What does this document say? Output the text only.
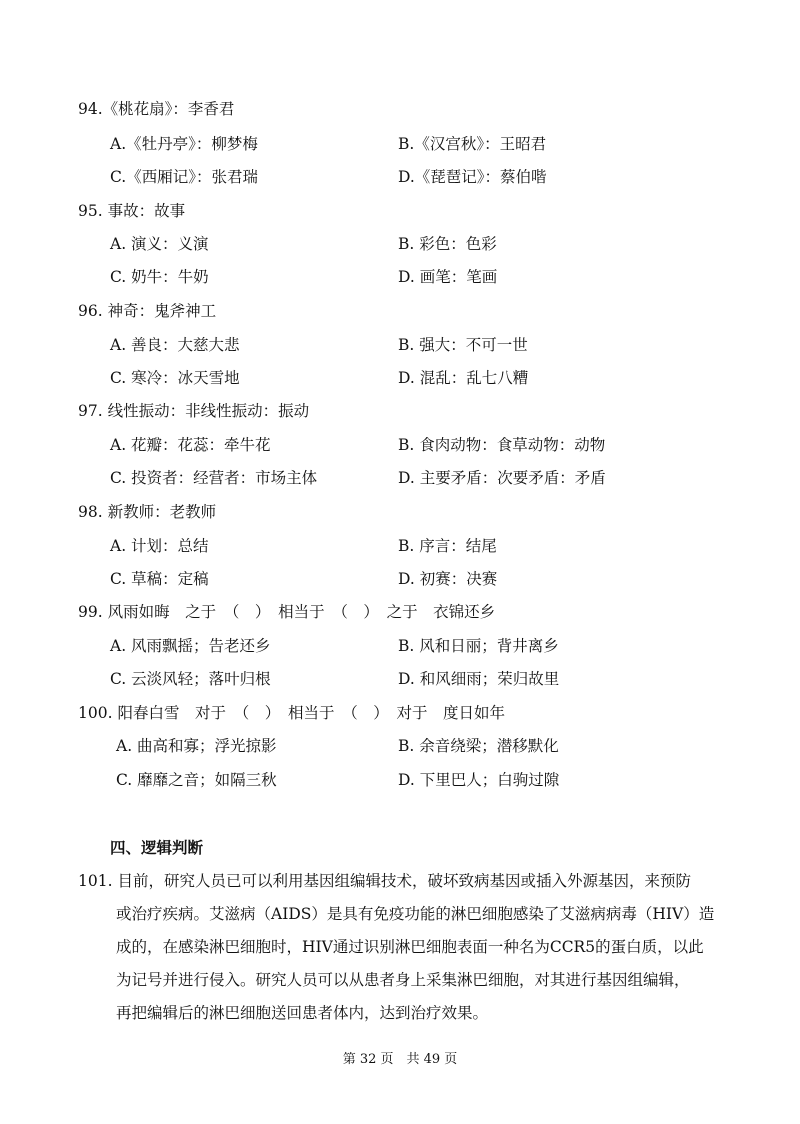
94.《桃花扇》：李香君
A.《牡丹亭》：柳梦梅	B.《汉宫秋》：王昭君
C.《西厢记》：张君瑞	D.《琵琶记》：蔡伯喈
95. 事故：故事
A. 演义：义演	B. 彩色：色彩
C. 奶牛：牛奶	D. 画笔：笔画
96. 神奇：鬼斧神工
A. 善良：大慈大悲	B. 强大：不可一世
C. 寒冷：冰天雪地	D. 混乱：乱七八糟
97. 线性振动：非线性振动：振动
A. 花瓣：花蕊：牵牛花	B. 食肉动物：食草动物：动物
C. 投资者：经营者：市场主体	D. 主要矛盾：次要矛盾：矛盾
98. 新教师：老教师
A. 计划：总结	B. 序言：结尾
C. 草稿：定稿	D. 初赛：决赛
99. 风雨如晦　之于　（　）　相当于　（　）　之于　衣锦还乡
A. 风雨飘摇；告老还乡	B. 风和日丽；背井离乡
C. 云淡风轻；落叶归根	D. 和风细雨；荣归故里
100. 阳春白雪　对于　（　）　相当于　（　）　对于　度日如年
A. 曲高和寡；浮光掠影	B. 余音绕梁；潜移默化
C. 靡靡之音；如隔三秋	D. 下里巴人；白驹过隙
四、逻辑判断
101. 目前，研究人员已可以利用基因组编辑技术，破坏致病基因或插入外源基因，来预防
或治疗疾病。艾滋病（AIDS）是具有免疫功能的淋巴细胞感染了艾滋病病毒（HIV）造
成的，在感染淋巴细胞时，HIV通过识别淋巴细胞表面一种名为CCR5的蛋白质，以此
为记号并进行侵入。研究人员可以从患者身上采集淋巴细胞，对其进行基因组编辑，
再把编辑后的淋巴细胞送回患者体内，达到治疗效果。
第 32 页　共 49 页
